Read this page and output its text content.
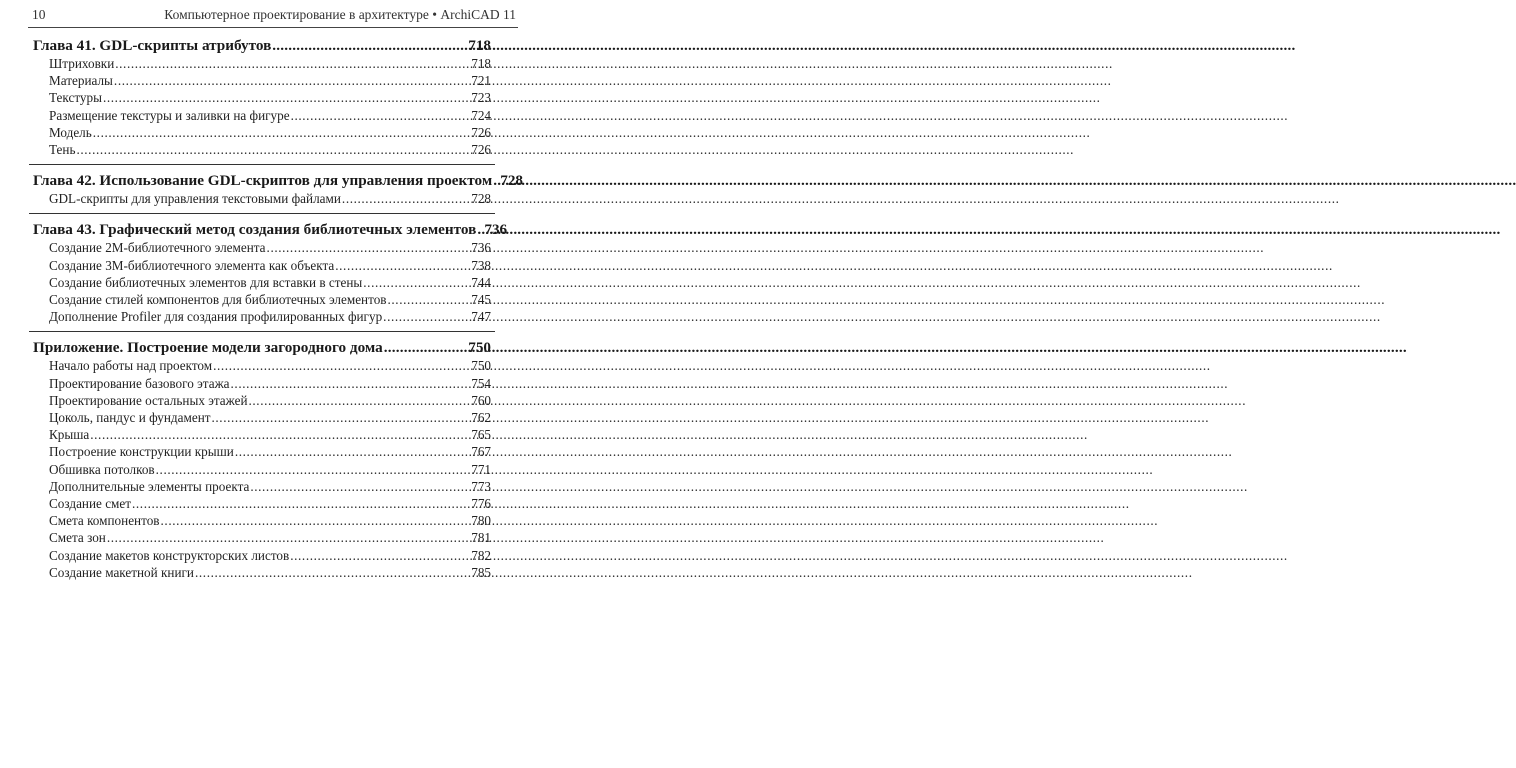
10	Компьютерное проектирование в архитектуре • ArchiCAD 11
Глава 41. GDL-скрипты атрибутов .....	718
Штриховки .....	718
Материалы .....	721
Текстуры .....	723
Размещение текстуры и заливки на фигуре .....	724
Модель .....	726
Тень .....	726
Глава 42. Использование GDL-скриптов для управления проектом ..... 728
GDL-скрипты для управления текстовыми файлами .....	728
Глава 43. Графический метод создания библиотечных элементов ..... 736
Создание 2М-библиотечного элемента .....	736
Создание 3М-библиотечного элемента как объекта .....	738
Создание библиотечных элементов для вставки в стены .....	744
Создание стилей компонентов для библиотечных элементов .....	745
Дополнение Profiler для создания профилированных фигур .....	747
Приложение. Построение модели загородного дома .....	750
Начало работы над проектом .....	750
Проектирование базового этажа .....	754
Проектирование остальных этажей .....	760
Цоколь, пандус и фундамент .....	762
Крыша .....	765
Построение конструкции крыши .....	767
Обшивка потолков .....	771
Дополнительные элементы проекта .....	773
Создание смет .....	776
Смета компонентов .....	780
Смета зон .....	781
Создание макетов конструкторских листов .....	782
Создание макетной книги .....	785
